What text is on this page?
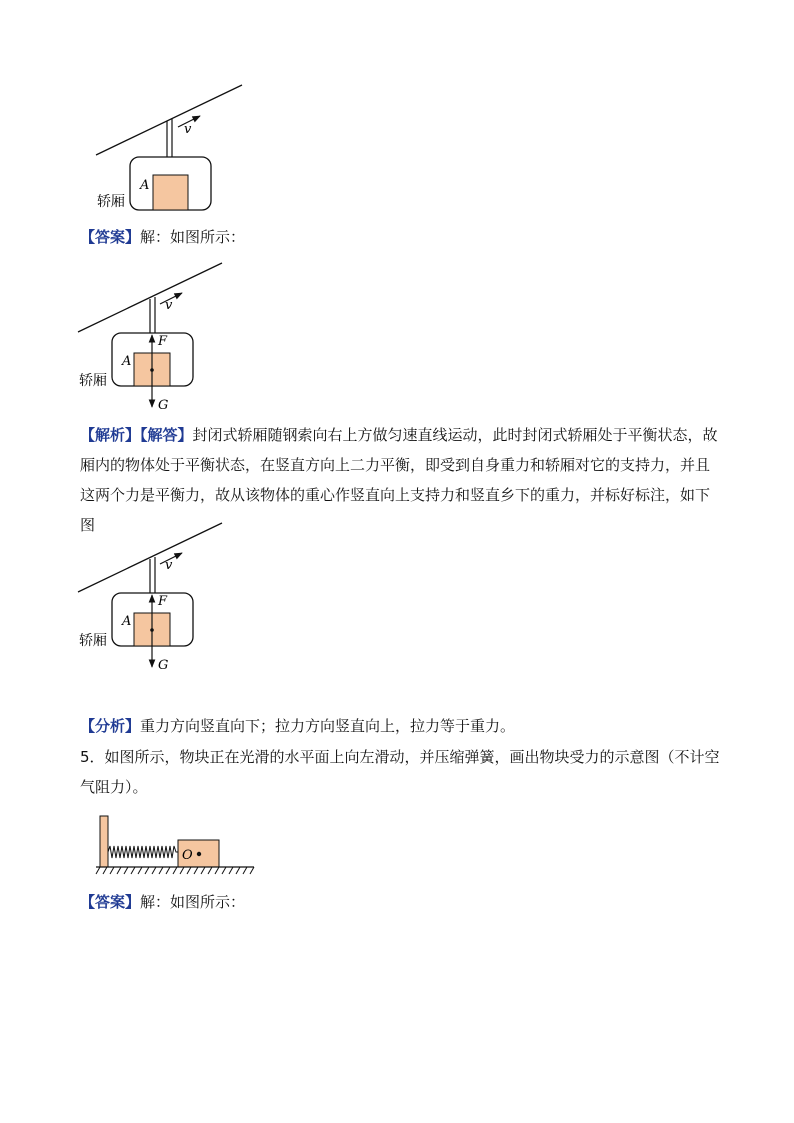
v
A
轿厢

【答案】解：如图所示：

v
F
G
A
轿厢

【解析】【解答】封闭式轿厢随钢索向右上方做匀速直线运动，此时封闭式轿厢处于平衡状态，故厢内的物体处于平衡状态，在竖直方向上二力平衡，即受到自身重力和轿厢对它的支持力，并且这两个力是平衡力，故从该物体的重心作竖直向上支持力和竖直乡下的重力，并标好标注，如下图

v
F
G
A
轿厢

【分析】重力方向竖直向下；拉力方向竖直向上，拉力等于重力。

5．如图所示，物块正在光滑的水平面上向左滑动，并压缩弹簧，画出物块受力的示意图（不计空气阻力）。

O

【答案】解：如图所示：
